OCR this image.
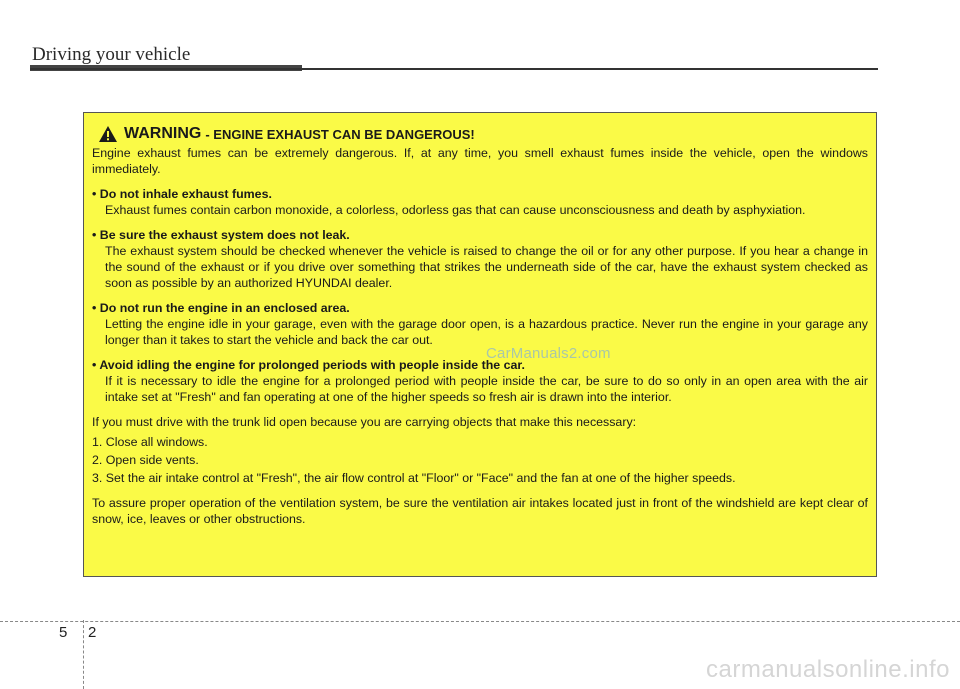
Driving your vehicle
WARNING - ENGINE EXHAUST CAN BE DANGEROUS!

Engine exhaust fumes can be extremely dangerous. If, at any time, you smell exhaust fumes inside the vehicle, open the windows immediately.

• Do not inhale exhaust fumes.

Exhaust fumes contain carbon monoxide, a colorless, odorless gas that can cause unconsciousness and death by asphyxiation.

• Be sure the exhaust system does not leak.

The exhaust system should be checked whenever the vehicle is raised to change the oil or for any other purpose. If you hear a change in the sound of the exhaust or if you drive over something that strikes the underneath side of the car, have the exhaust system checked as soon as possible by an authorized HYUNDAI dealer.

• Do not run the engine in an enclosed area.

Letting the engine idle in your garage, even with the garage door open, is a hazardous practice. Never run the engine in your garage any longer than it takes to start the vehicle and back the car out.

• Avoid idling the engine for prolonged periods with people inside the car.

If it is necessary to idle the engine for a prolonged period with people inside the car, be sure to do so only in an open area with the air intake set at "Fresh" and fan operating at one of the higher speeds so fresh air is drawn into the interior.

If you must drive with the trunk lid open because you are carrying objects that make this necessary:

1. Close all windows.

2. Open side vents.

3. Set the air intake control at "Fresh", the air flow control at "Floor" or "Face" and the fan at one of the higher speeds.

To assure proper operation of the ventilation system, be sure the ventilation air intakes located just in front of the windshield are kept clear of snow, ice, leaves or other obstructions.

CarManuals2.com
5 2
carmanualsonline.info
